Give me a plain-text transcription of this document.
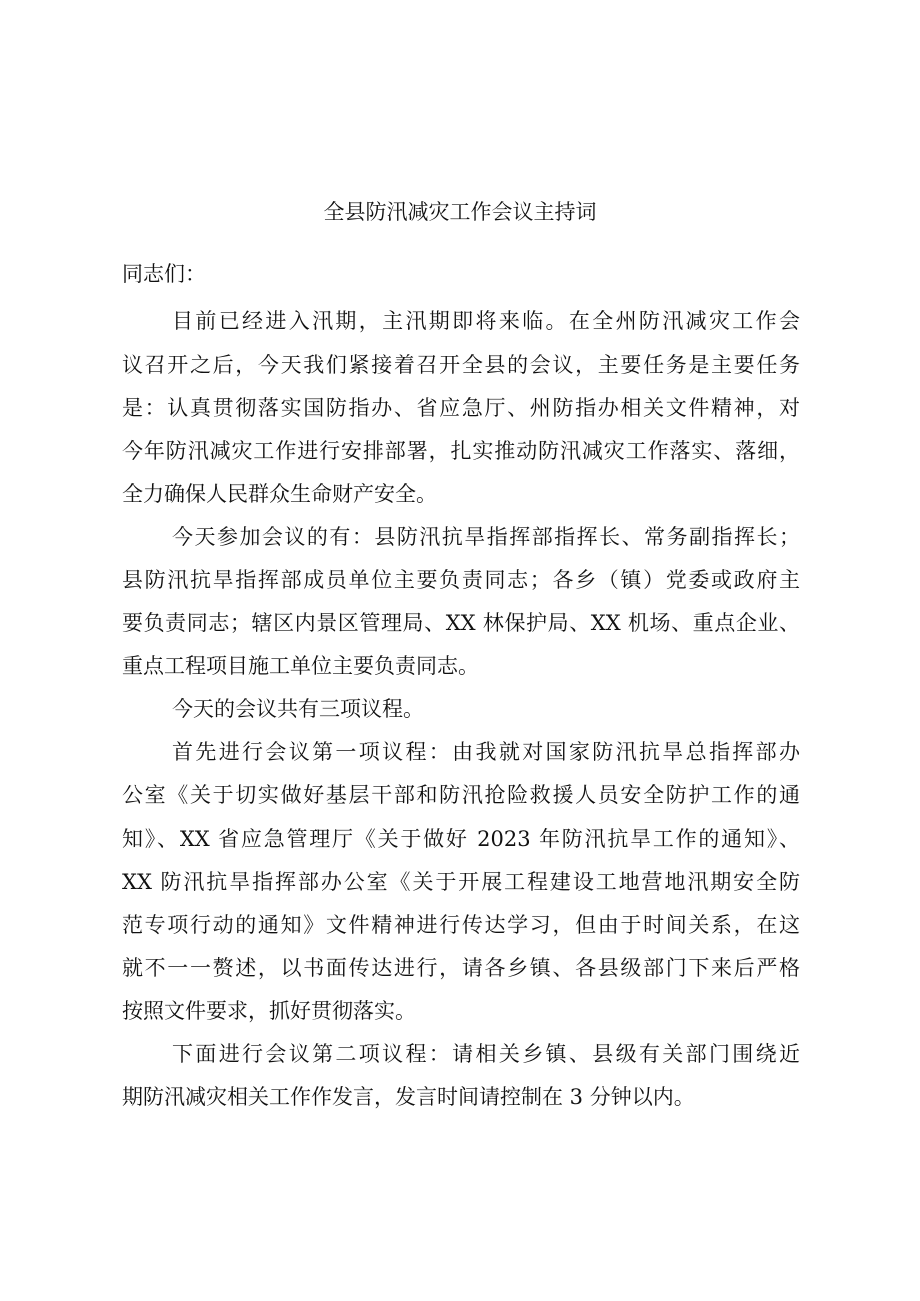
全县防汛减灾工作会议主持词
同志们：
目前已经进入汛期，主汛期即将来临。在全州防汛减灾工作会
议召开之后，今天我们紧接着召开全县的会议，主要任务是主要任务
是：认真贯彻落实国防指办、省应急厅、州防指办相关文件精神，对
今年防汛减灾工作进行安排部署，扎实推动防汛减灾工作落实、落细，
全力确保人民群众生命财产安全。
今天参加会议的有：县防汛抗旱指挥部指挥长、常务副指挥长；
县防汛抗旱指挥部成员单位主要负责同志；各乡（镇）党委或政府主
要负责同志；辖区内景区管理局、XX 林保护局、XX 机场、重点企业、
重点工程项目施工单位主要负责同志。
今天的会议共有三项议程。
首先进行会议第一项议程：由我就对国家防汛抗旱总指挥部办
公室《关于切实做好基层干部和防汛抢险救援人员安全防护工作的通
知》、XX 省应急管理厅《关于做好 2023 年防汛抗旱工作的通知》、
XX 防汛抗旱指挥部办公室《关于开展工程建设工地营地汛期安全防
范专项行动的通知》文件精神进行传达学习，但由于时间关系，在这
就不一一赘述，以书面传达进行，请各乡镇、各县级部门下来后严格
按照文件要求，抓好贯彻落实。
下面进行会议第二项议程：请相关乡镇、县级有关部门围绕近
期防汛减灾相关工作作发言，发言时间请控制在 3 分钟以内。
